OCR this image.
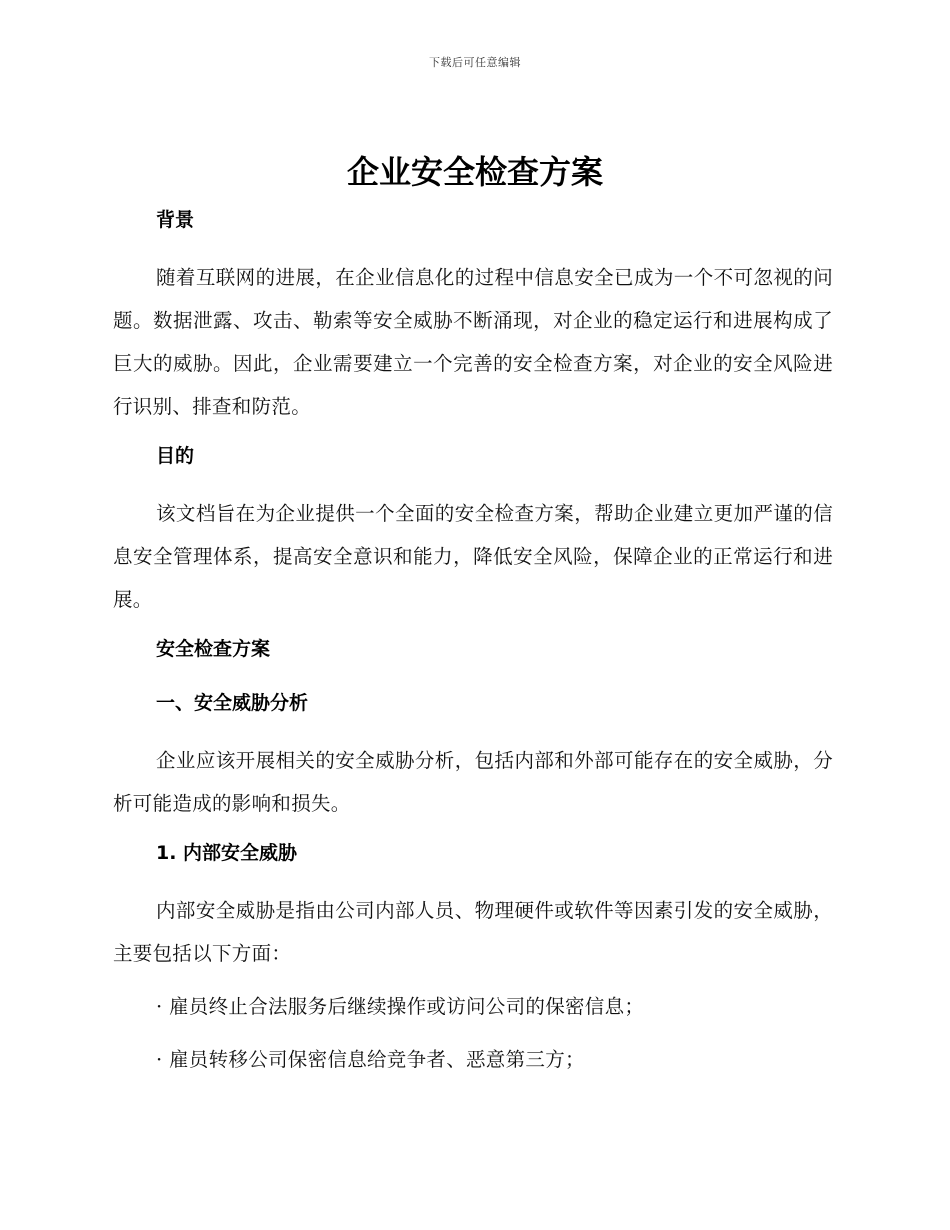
下载后可任意编辑
企业安全检查方案
背景

随着互联网的进展，在企业信息化的过程中信息安全已成为一个不可忽视的问题。数据泄露、攻击、勒索等安全威胁不断涌现，对企业的稳定运行和进展构成了巨大的威胁。因此，企业需要建立一个完善的安全检查方案，对企业的安全风险进行识别、排查和防范。

目的

该文档旨在为企业提供一个全面的安全检查方案，帮助企业建立更加严谨的信息安全管理体系，提高安全意识和能力，降低安全风险，保障企业的正常运行和进展。

安全检查方案
一、安全威胁分析

企业应该开展相关的安全威胁分析，包括内部和外部可能存在的安全威胁，分析可能造成的影响和损失。

1. 内部安全威胁

内部安全威胁是指由公司内部人员、物理硬件或软件等因素引发的安全威胁，主要包括以下方面：

· 雇员终止合法服务后继续操作或访问公司的保密信息；
· 雇员转移公司保密信息给竞争者、恶意第三方；
